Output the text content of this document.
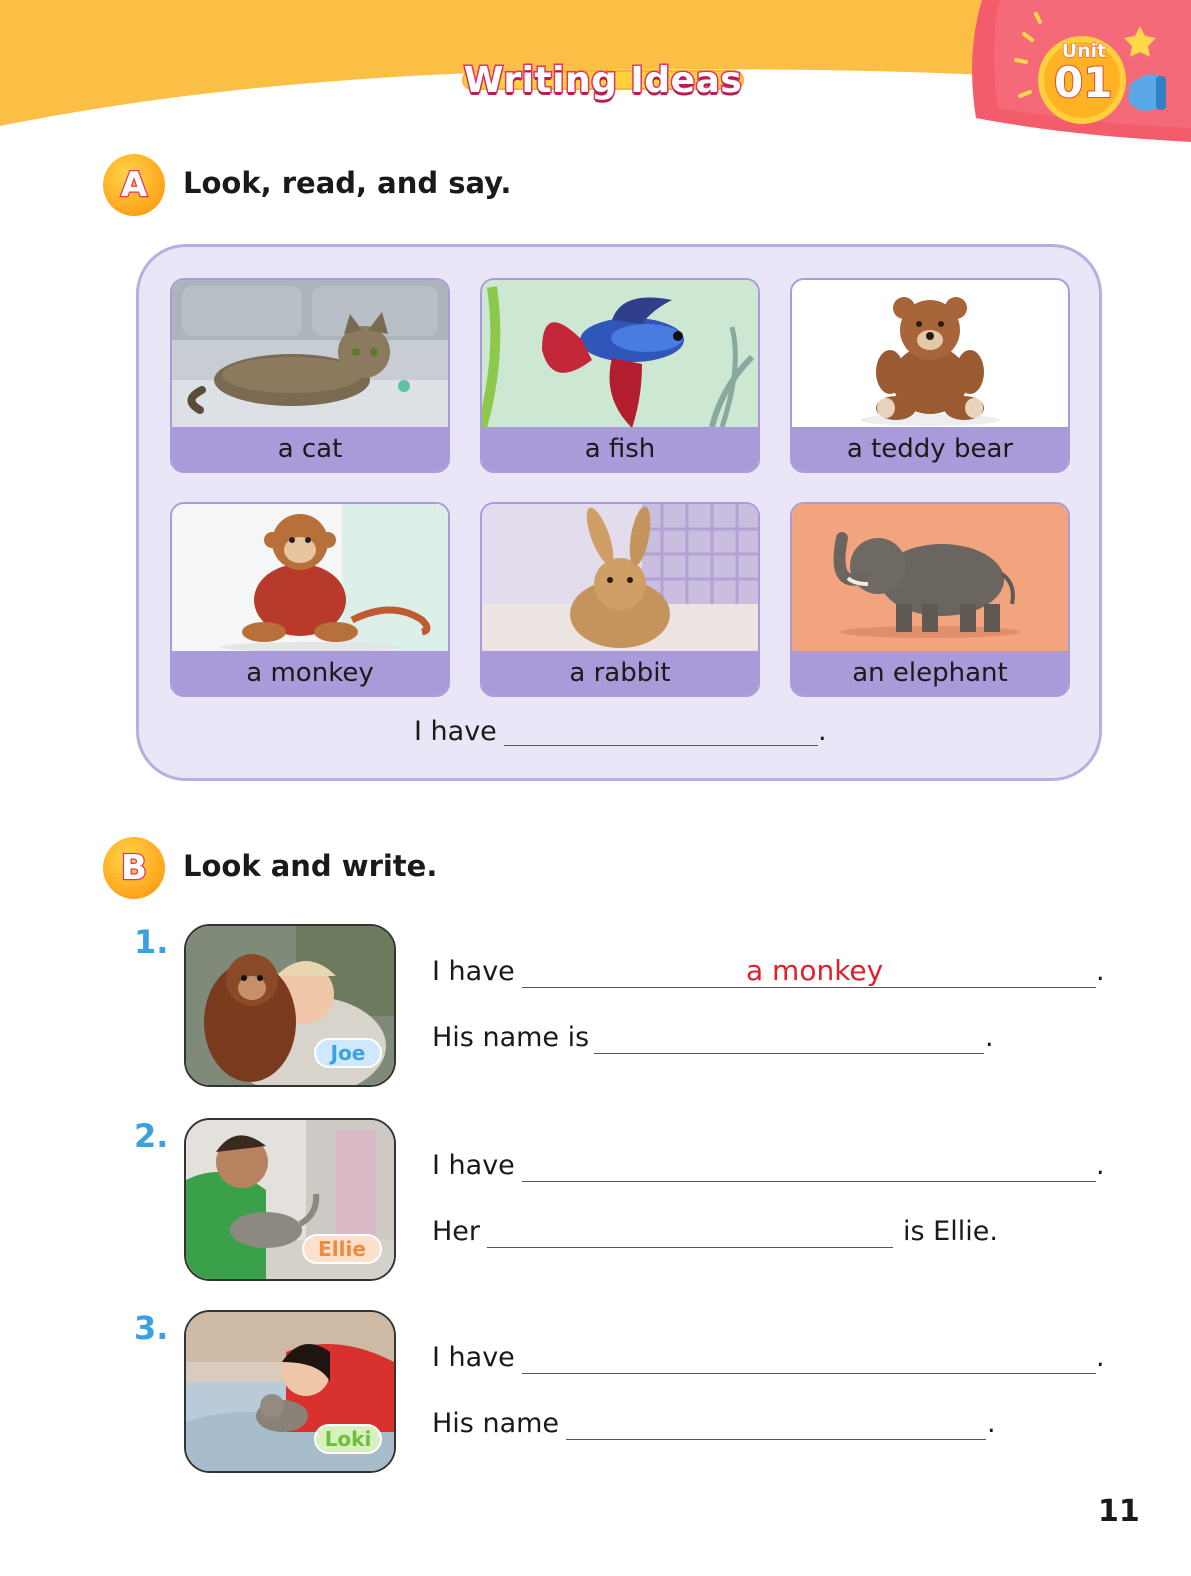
Writing Ideas
Unit
01
A	Look, read, and say.
a cat	a fish	a teddy bear
a monkey	a rabbit	an elephant
I have	.
B	Look and write.
1.
Joe
I have	a monkey	.
His name is	.
2.
Ellie
I have	.
Her	is Ellie.
3.
Loki
I have	.
His name	.
11
